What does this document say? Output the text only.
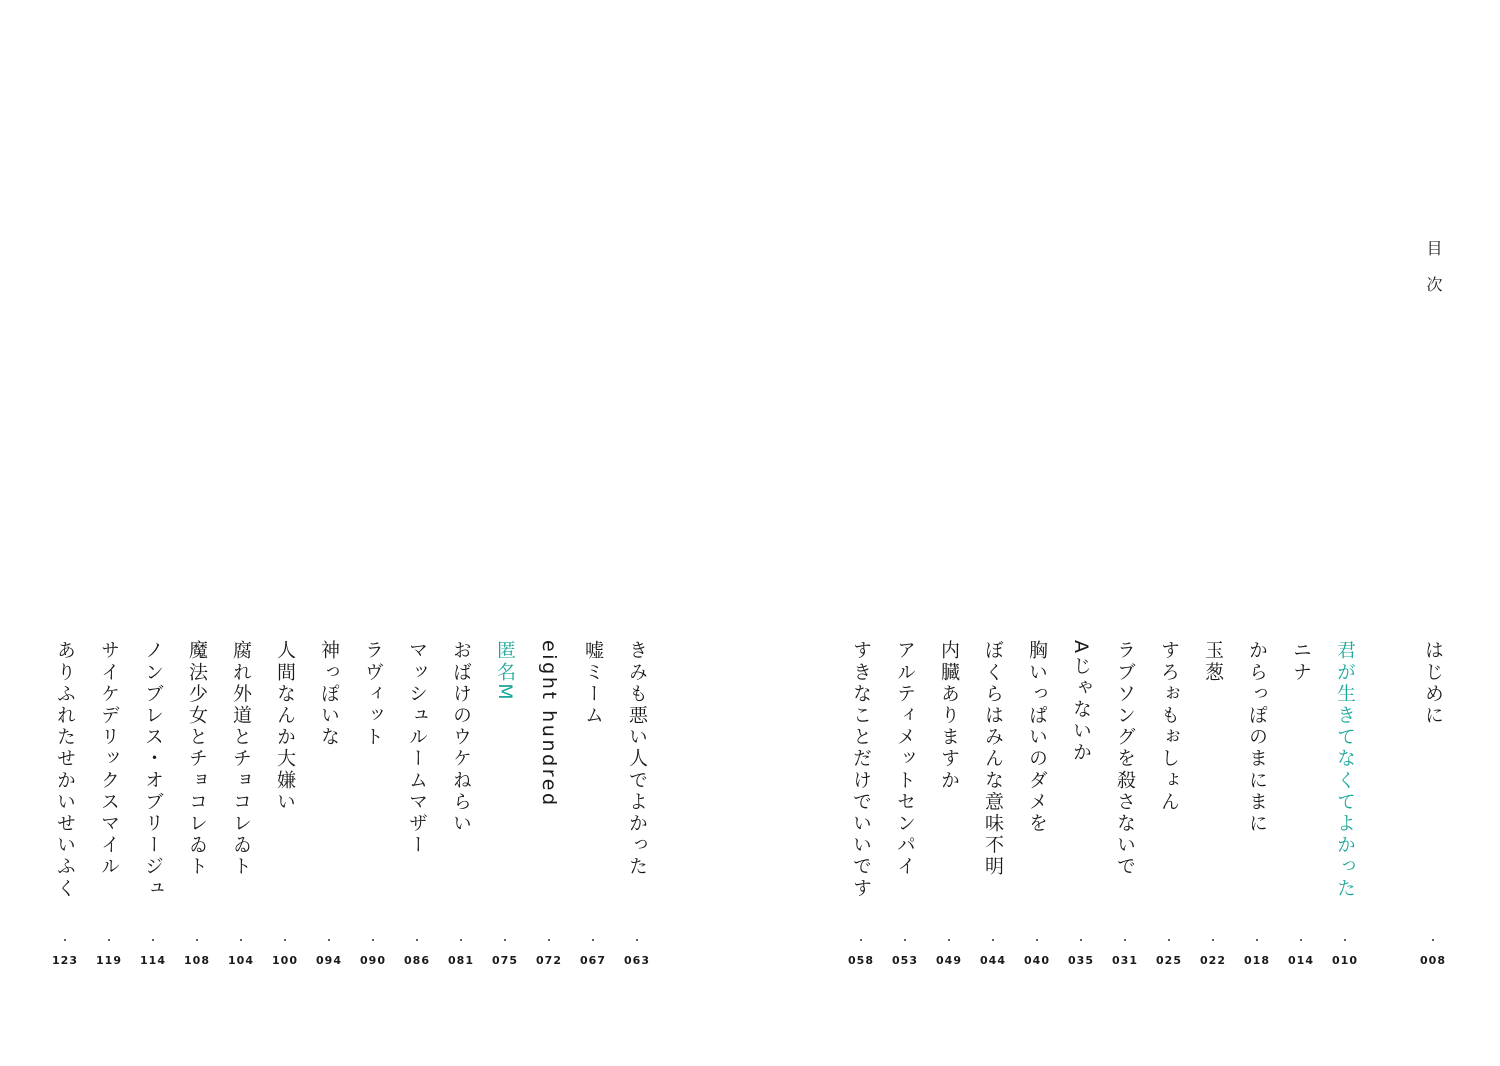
目次
はじめに
008
君が生きてなくてよかった
010
ニナ
014
からっぽのまにまに
018
玉葱
022
すろぉもぉしょん
025
ラブソングを殺さないで
031
Aじゃないか
035
胸いっぱいのダメを
040
ぼくらはみんな意味不明
044
内臓ありますか
049
アルティメットセンパイ
053
すきなことだけでいいです
058
きみも悪い人でよかった
063
嘘ミーム
067
eight hundred
072
匿名M
075
おばけのウケねらい
081
マッシュルームマザー
086
ラヴィット
090
神っぽいな
094
人間なんか大嫌い
100
腐れ外道とチョコレゐト
104
魔法少女とチョコレゐト
108
ノンブレス・オブリージュ
114
サイケデリックスマイル
119
ありふれたせかいせいふく
123
